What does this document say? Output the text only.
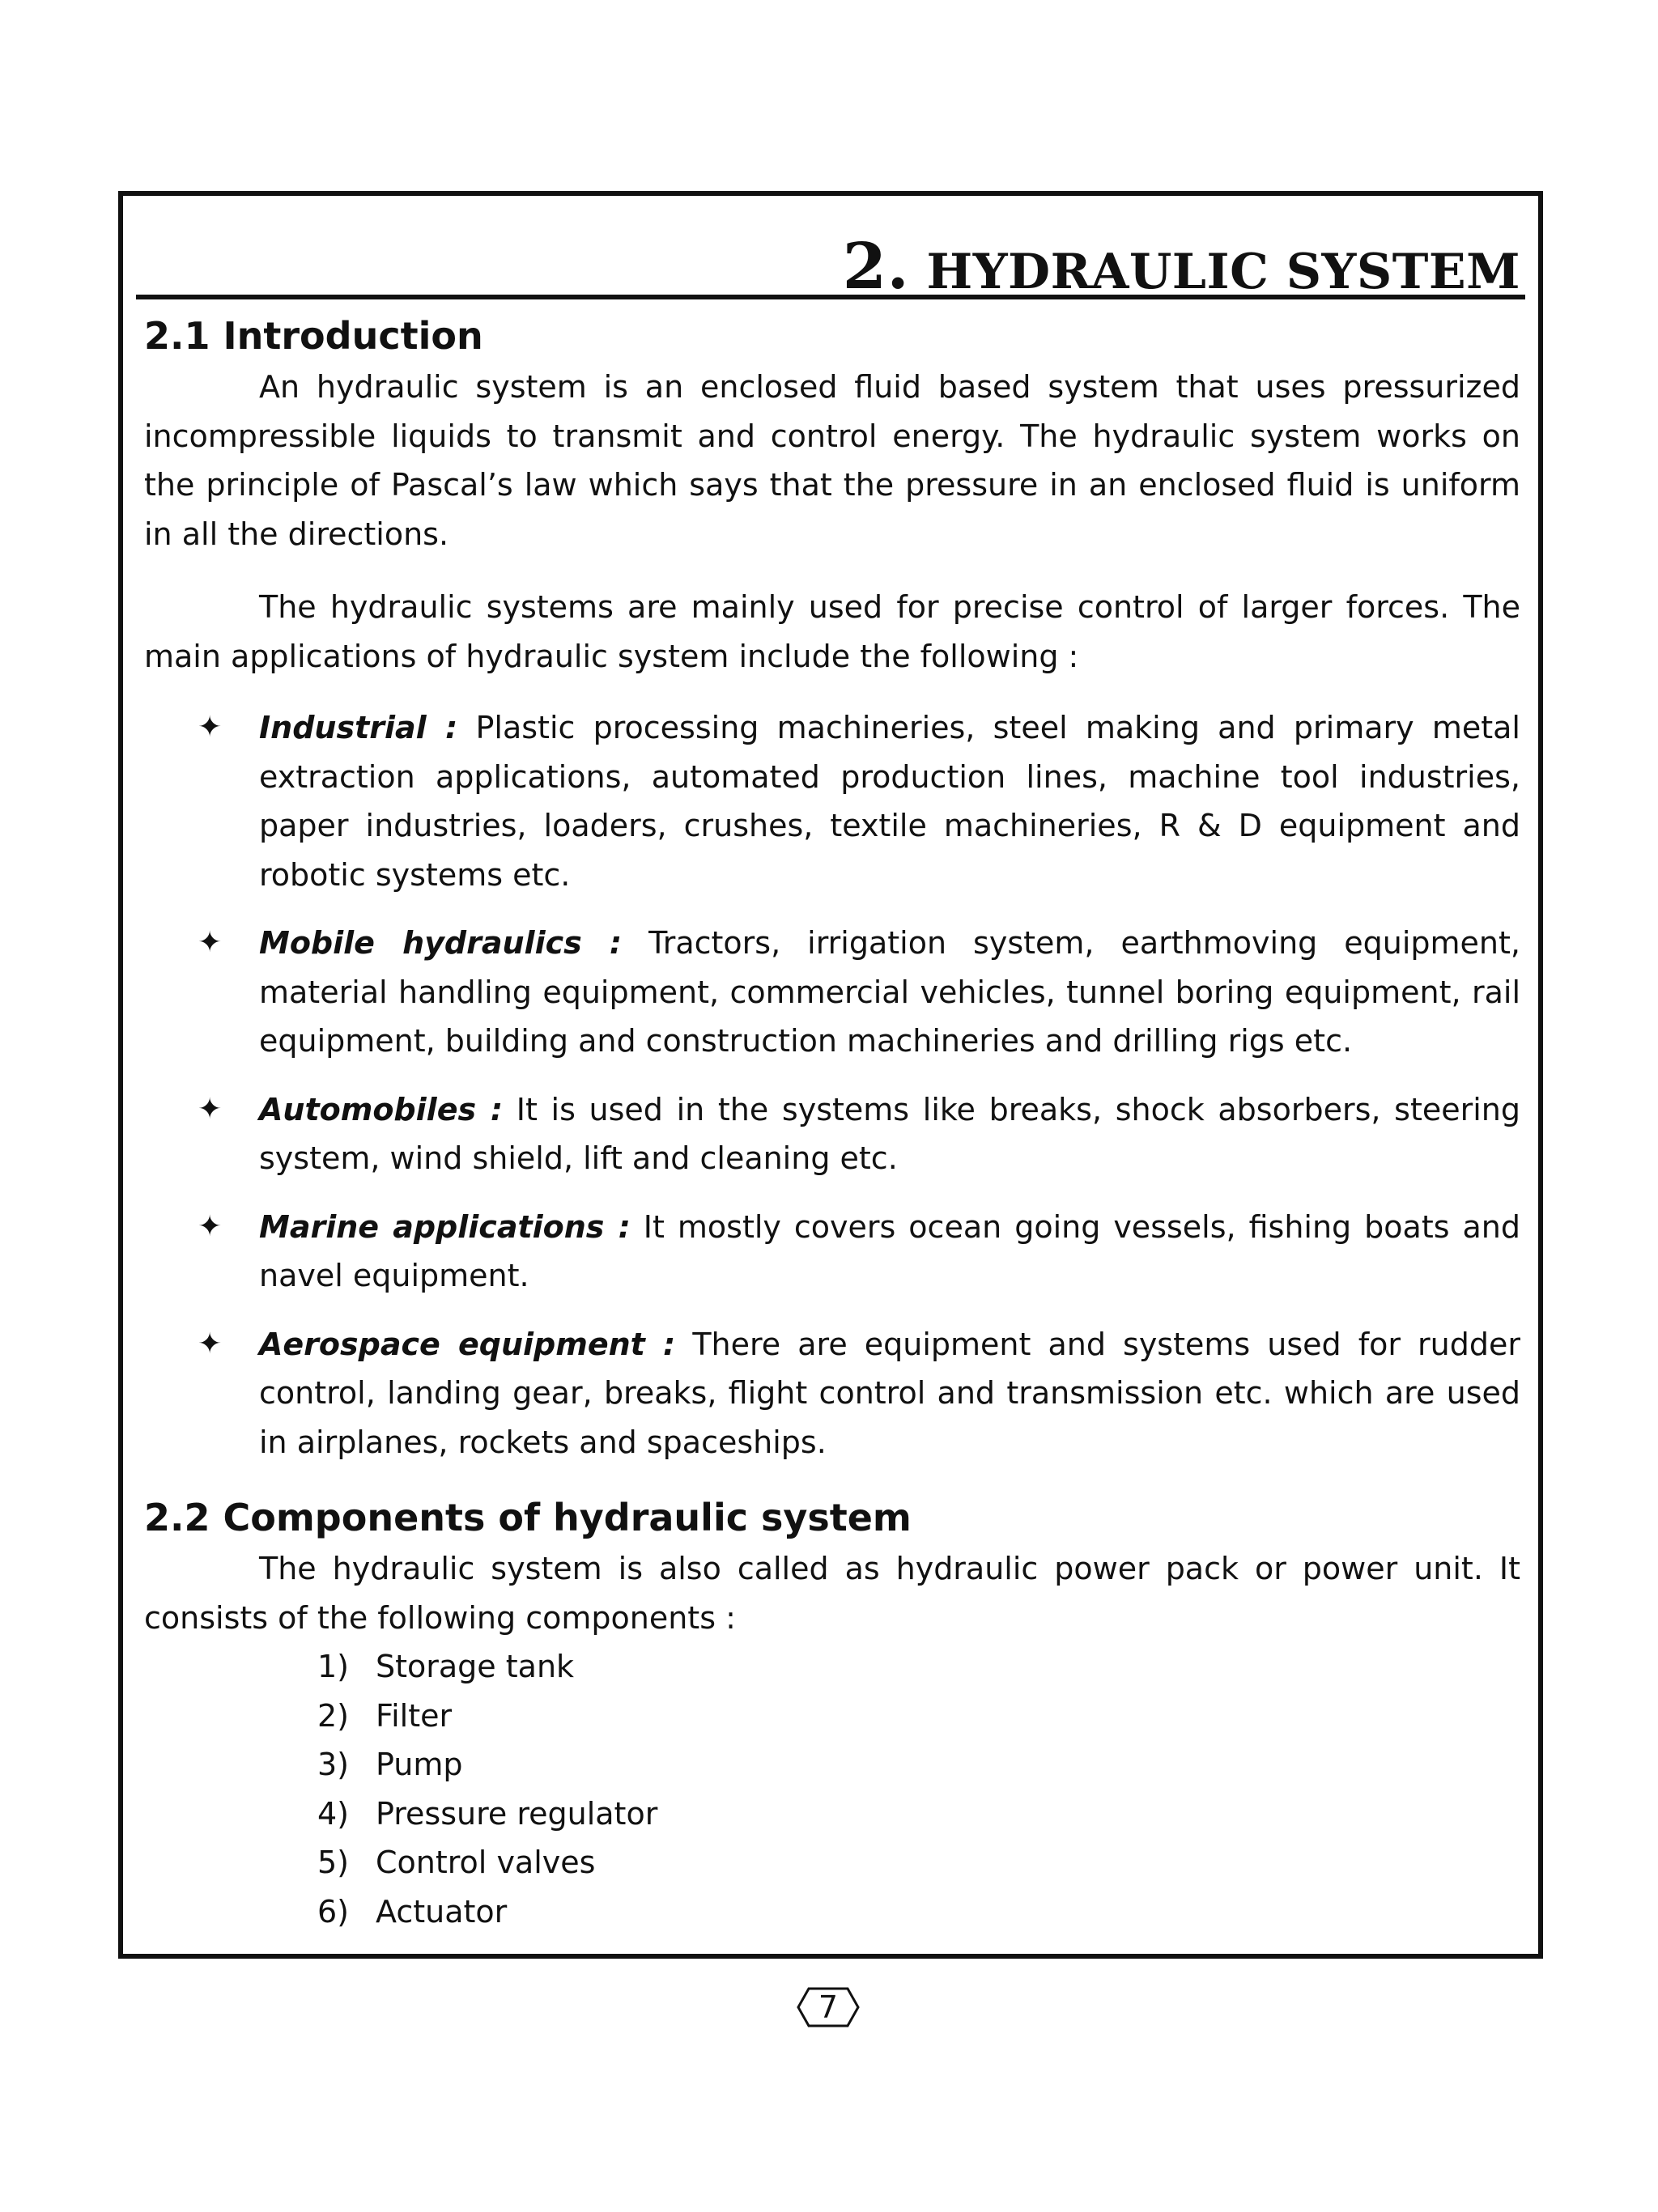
2. HYDRAULIC SYSTEM
2.1 Introduction

An hydraulic system is an enclosed fluid based system that uses pressurized incompressible liquids to transmit and control energy. The hydraulic system works on the principle of Pascal’s law which says that the pressure in an enclosed fluid is uniform in all the directions.

The hydraulic systems are mainly used for precise control of larger forces. The main applications of hydraulic system include the following :

✦ Industrial : Plastic processing machineries, steel making and primary metal extraction applications, automated production lines, machine tool industries, paper industries, loaders, crushes, textile machineries, R & D equipment and robotic systems etc.
✦ Mobile hydraulics : Tractors, irrigation system, earthmoving equipment, material handling equipment, commercial vehicles, tunnel boring equipment, rail equipment, building and construction machineries and drilling rigs etc.
✦ Automobiles : It is used in the systems like breaks, shock absorbers, steering system, wind shield, lift and cleaning etc.
✦ Marine applications : It mostly covers ocean going vessels, fishing boats and navel equipment.
✦ Aerospace equipment : There are equipment and systems used for rudder control, landing gear, breaks, flight control and transmission etc. which are used in airplanes, rockets and spaceships.
2.2 Components of hydraulic system

The hydraulic system is also called as hydraulic power pack or power unit. It consists of the following components :

1) Storage tank
2) Filter
3) Pump
4) Pressure regulator
5) Control valves
6) Actuator
7
